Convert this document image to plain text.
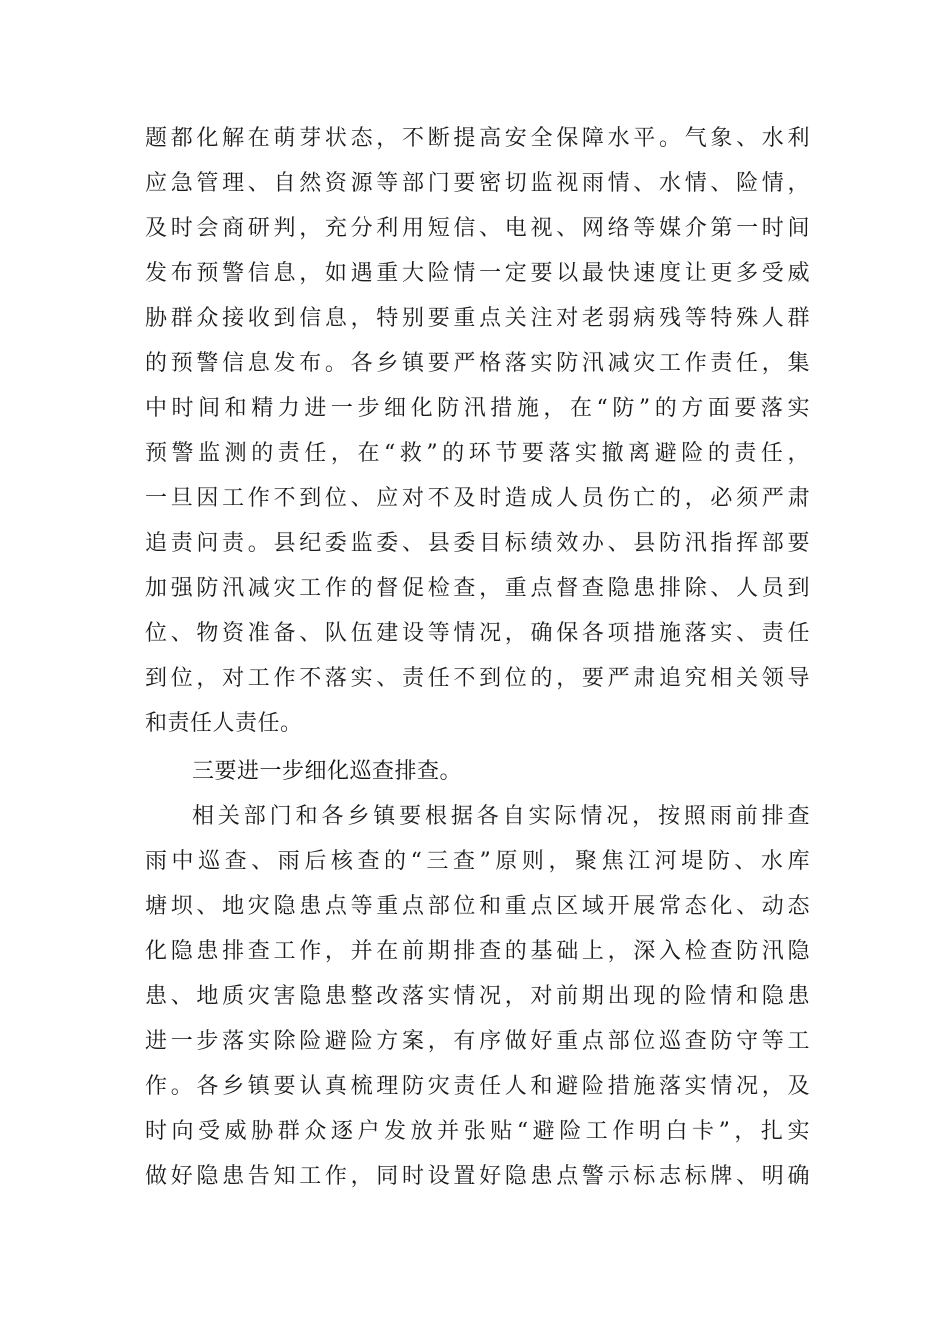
题都化解在萌芽状态，不断提高安全保障水平。气象、水利
应急管理、自然资源等部门要密切监视雨情、水情、险情，
及时会商研判，充分利用短信、电视、网络等媒介第一时间
发布预警信息，如遇重大险情一定要以最快速度让更多受威
胁群众接收到信息，特别要重点关注对老弱病残等特殊人群
的预警信息发布。各乡镇要严格落实防汛减灾工作责任，集
中时间和精力进一步细化防汛措施，在“防”的方面要落实
预警监测的责任，在“救”的环节要落实撤离避险的责任，
一旦因工作不到位、应对不及时造成人员伤亡的，必须严肃
追责问责。县纪委监委、县委目标绩效办、县防汛指挥部要
加强防汛减灾工作的督促检查，重点督查隐患排除、人员到
位、物资准备、队伍建设等情况，确保各项措施落实、责任
到位，对工作不落实、责任不到位的，要严肃追究相关领导
和责任人责任。
三要进一步细化巡查排查。
相关部门和各乡镇要根据各自实际情况，按照雨前排查
雨中巡查、雨后核查的“三查”原则，聚焦江河堤防、水库
塘坝、地灾隐患点等重点部位和重点区域开展常态化、动态
化隐患排查工作，并在前期排查的基础上，深入检查防汛隐
患、地质灾害隐患整改落实情况，对前期出现的险情和隐患
进一步落实除险避险方案，有序做好重点部位巡查防守等工
作。各乡镇要认真梳理防灾责任人和避险措施落实情况，及
时向受威胁群众逐户发放并张贴“避险工作明白卡”，扎实
做好隐患告知工作，同时设置好隐患点警示标志标牌、明确
